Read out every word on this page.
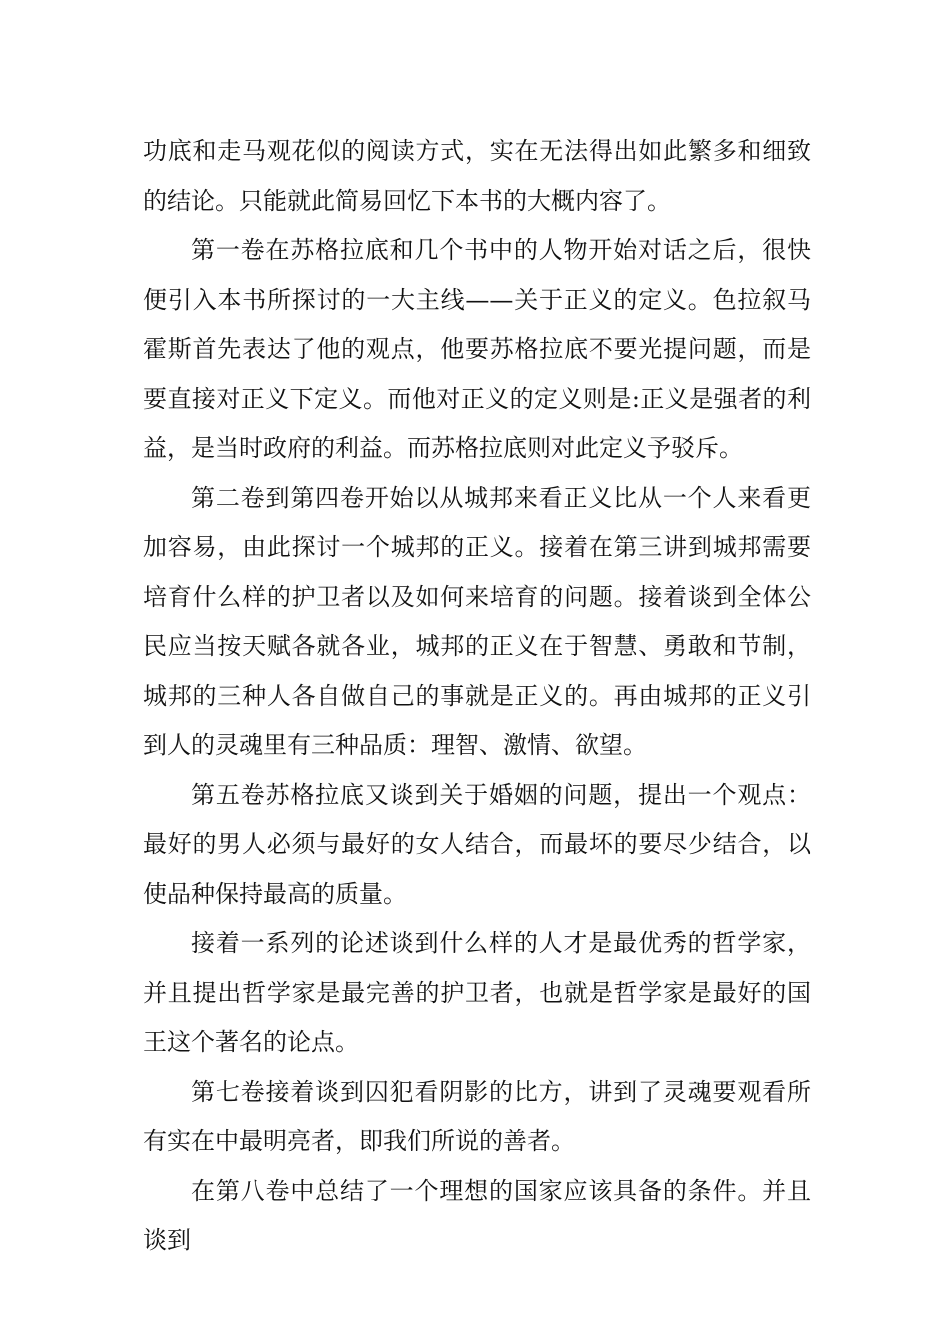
功底和走马观花似的阅读方式，实在无法得出如此繁多和细致的结论。只能就此简易回忆下本书的大概内容了。

第一卷在苏格拉底和几个书中的人物开始对话之后，很快便引入本书所探讨的一大主线——关于正义的定义。色拉叙马霍斯首先表达了他的观点，他要苏格拉底不要光提问题，而是要直接对正义下定义。而他对正义的定义则是:正义是强者的利益，是当时政府的利益。而苏格拉底则对此定义予驳斥。

第二卷到第四卷开始以从城邦来看正义比从一个人来看更加容易，由此探讨一个城邦的正义。接着在第三讲到城邦需要培育什么样的护卫者以及如何来培育的问题。接着谈到全体公民应当按天赋各就各业，城邦的正义在于智慧、勇敢和节制，城邦的三种人各自做自己的事就是正义的。再由城邦的正义引到人的灵魂里有三种品质：理智、激情、欲望。

第五卷苏格拉底又谈到关于婚姻的问题，提出一个观点：最好的男人必须与最好的女人结合，而最坏的要尽少结合，以使品种保持最高的质量。

接着一系列的论述谈到什么样的人才是最优秀的哲学家，并且提出哲学家是最完善的护卫者，也就是哲学家是最好的国王这个著名的论点。

第七卷接着谈到囚犯看阴影的比方，讲到了灵魂要观看所有实在中最明亮者，即我们所说的善者。

在第八卷中总结了一个理想的国家应该具备的条件。并且谈到
